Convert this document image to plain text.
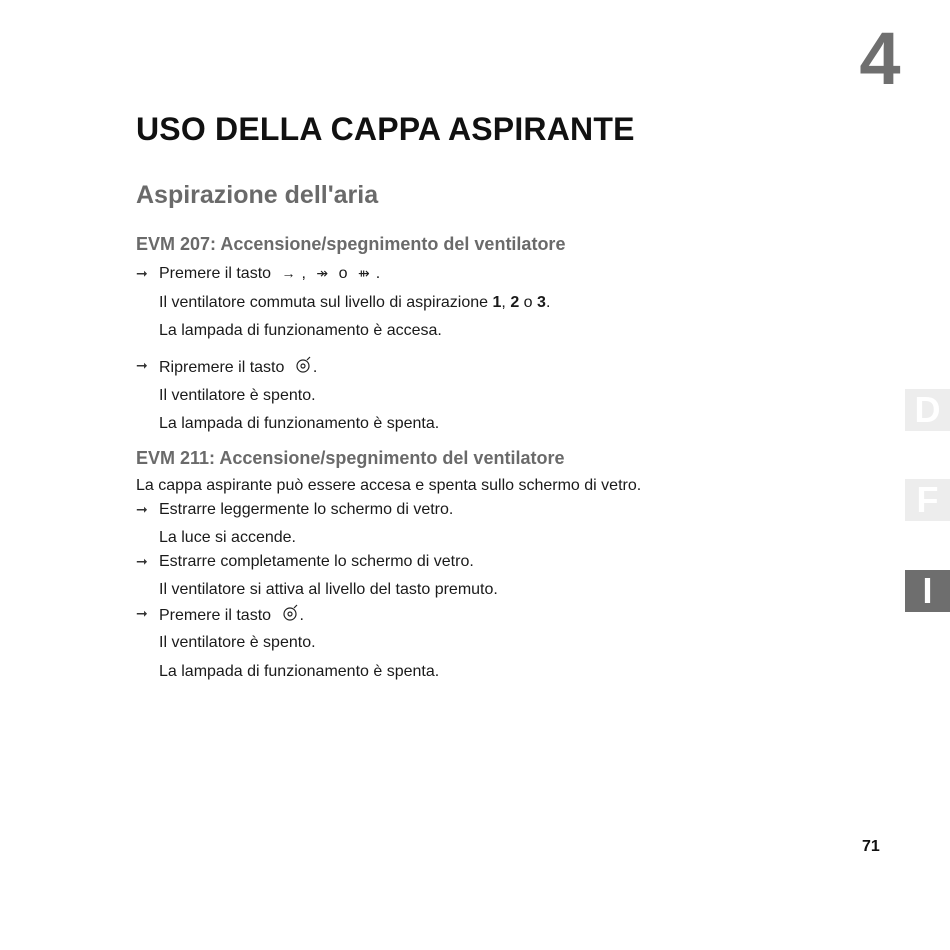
4
USO DELLA CAPPA ASPIRANTE
Aspirazione dell'aria
EVM 207: Accensione/spegnimento del ventilatore
➞ Premere il tasto → , ↠ o ⇻ .

Il ventilatore commuta sul livello di aspirazione 1, 2 o 3.

La lampada di funzionamento è accesa.

➞ Ripremere il tasto .

Il ventilatore è spento.

La lampada di funzionamento è spenta.

EVM 211: Accensione/spegnimento del ventilatore

La cappa aspirante può essere accesa e spenta sullo schermo di vetro.

➞ Estrarre leggermente lo schermo di vetro.

La luce si accende.

➞ Estrarre completamente lo schermo di vetro.

Il ventilatore si attiva al livello del tasto premuto.

➞ Premere il tasto .

Il ventilatore è spento.

La lampada di funzionamento è spenta.

D
F
I
71
